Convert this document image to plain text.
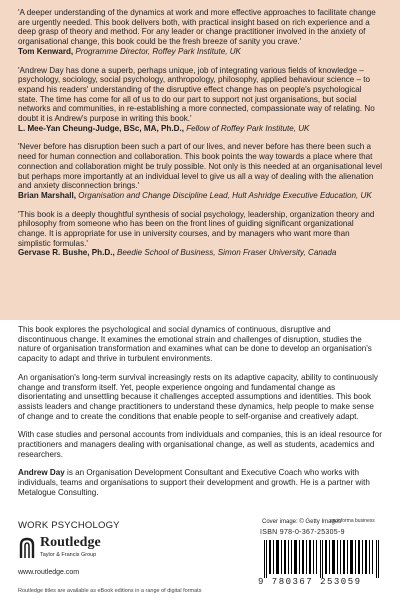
'A deeper understanding of the dynamics at work and more effective approaches to facilitate change are urgently needed. This book delivers both, with practical insight based on rich experience and a deep grasp of theory and method. For any leader or change practitioner involved in the anxiety of organisational change, this book could be the fresh breeze of sanity you crave.'

Tom Kenward, Programme Director, Roffey Park Institute, UK

'Andrew Day has done a superb, perhaps unique, job of integrating various fields of knowledge – psychology, sociology, social psychology, anthropology, philosophy, applied behaviour science – to expand his readers' understanding of the disruptive effect change has on people's psychological state. The time has come for all of us to do our part to support not just organisations, but social networks and communities, in re-establishing a more connected, compassionate way of relating. No doubt it is Andrew's purpose in writing this book.'

L. Mee-Yan Cheung-Judge, BSc, MA, Ph.D., Fellow of Roffey Park Institute, UK

'Never before has disruption been such a part of our lives, and never before has there been such a need for human connection and collaboration. This book points the way towards a place where that connection and collaboration might be truly possible. Not only is this needed at an organisational level but perhaps more importantly at an individual level to give us all a way of dealing with the alienation and anxiety disconnection brings.'

Brian Marshall, Organisation and Change Discipline Lead, Hult Ashridge Executive Education, UK

'This book is a deeply thoughtful synthesis of social psychology, leadership, organization theory and philosophy from someone who has been on the front lines of guiding significant organizational change. It is appropriate for use in university courses, and by managers who want more than simplistic formulas.'

Gervase R. Bushe, Ph.D., Beedie School of Business, Simon Fraser University, Canada

This book explores the psychological and social dynamics of continuous, disruptive and discontinuous change. It examines the emotional strain and challenges of disruption, studies the nature of organisation transformation and examines what can be done to develop an organisation's capacity to adapt and thrive in turbulent environments.

An organisation's long-term survival increasingly rests on its adaptive capacity, ability to continuously change and transform itself. Yet, people experience ongoing and fundamental change as disorientating and unsettling because it challenges accepted assumptions and identities. This book assists leaders and change practitioners to understand these dynamics, help people to make sense of change and to create the conditions that enable people to self-organise and creatively adapt.

With case studies and personal accounts from individuals and companies, this is an ideal resource for practitioners and managers dealing with organisational change, as well as students, academics and researchers.

Andrew Day is an Organisation Development Consultant and Executive Coach who works with individuals, teams and organisations to support their development and growth. He is a partner with Metalogue Consulting.

WORK PSYCHOLOGY
Routledge
Taylor & Francis Group
www.routledge.com
Routledge titles are available as eBook editions in a range of digital formats
Cover image: © Getty Images
an informa business
ISBN 978-0-367-25305-9
9 780367 253059
